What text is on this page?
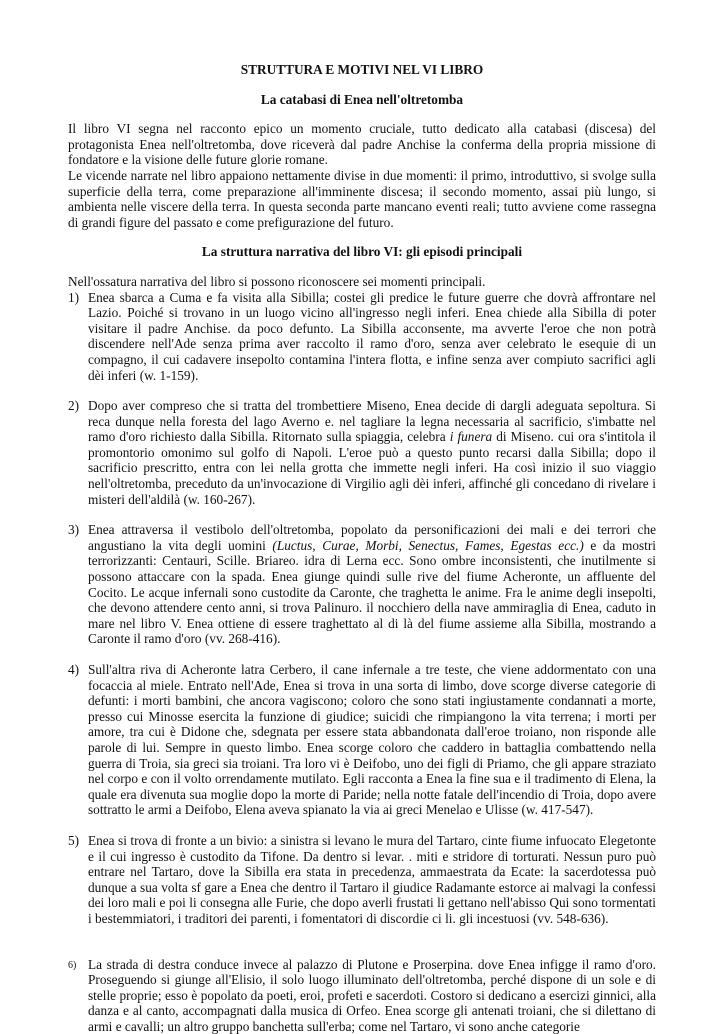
STRUTTURA E MOTIVI NEL VI LIBRO
La catabasi di Enea nell'oltretomba

Il libro VI segna nel racconto epico un momento cruciale, tutto dedicato alla catabasi (discesa) del protagonista Enea nell'oltretomba, dove riceverà dal padre Anchise la conferma della propria missione di fondatore e la visione delle future glorie romane.

Le vicende narrate nel libro appaiono nettamente divise in due momenti: il primo, introduttivo, si svolge sulla superficie della terra, come preparazione all'imminente discesa; il secondo momento, assai più lungo, si ambienta nelle viscere della terra. In questa seconda parte mancano eventi reali; tutto avviene come rassegna di grandi figure del passato e come prefigurazione del futuro.

La struttura narrativa del libro VI: gli episodi principali

Nell'ossatura narrativa del libro si possono riconoscere sei momenti principali.

1) Enea sbarca a Cuma e fa visita alla Sibilla; costei gli predice le future guerre che dovrà affrontare nel Lazio. Poiché si trovano in un luogo vicino all'ingresso negli inferi. Enea chiede alla Sibilla di poter visitare il padre Anchise. da poco defunto. La Sibilla acconsente, ma avverte l'eroe che non potrà discendere nell'Ade senza prima aver raccolto il ramo d'oro, senza aver celebrato le esequie di un compagno, il cui cadavere insepolto contamina l'intera flotta, e infine senza aver compiuto sacrifici agli dèi inferi (w. 1-159).
2) Dopo aver compreso che si tratta del trombettiere Miseno, Enea decide di dargli adeguata sepoltura. Si reca dunque nella foresta del lago Averno e. nel tagliare la legna necessaria al sacrificio, s'imbatte nel ramo d'oro richiesto dalla Sibilla. Ritornato sulla spiaggia, celebra i funera di Miseno. cui ora s'intitola il promontorio omonimo sul golfo di Napoli. L'eroe può a questo punto recarsi dalla Sibilla; dopo il sacrificio prescritto, entra con lei nella grotta che immette negli inferi. Ha così inizio il suo viaggio nell'oltretomba, preceduto da un'invocazione di Virgilio agli dèi inferi, affinché gli concedano di rivelare i misteri dell'aldilà (w. 160-267).
3) Enea attraversa il vestibolo dell'oltretomba, popolato da personificazioni dei mali e dei terrori che angustiano la vita degli uomini (Luctus, Curae, Morbi, Senectus, Fames, Egestas ecc.) e da mostri terrorizzanti: Centauri, Scille. Briareo. idra di Lerna ecc. Sono ombre inconsistenti, che inutilmente si possono attaccare con la spada. Enea giunge quindi sulle rive del fiume Acheronte, un affluente del Cocito. Le acque infernali sono custodite da Caronte, che traghetta le anime. Fra le anime degli insepolti, che devono attendere cento anni, si trova Palinuro. il nocchiero della nave ammiraglia di Enea, caduto in mare nel libro V. Enea ottiene di essere traghettato al di là del fiume assieme alla Sibilla, mostrando a Caronte il ramo d'oro (vv. 268-416).
4) Sull'altra riva di Acheronte latra Cerbero, il cane infernale a tre teste, che viene addormentato con una focaccia al miele. Entrato nell'Ade, Enea si trova in una sorta di limbo, dove scorge diverse categorie di defunti: i morti bambini, che ancora vagiscono; coloro che sono stati ingiustamente condannati a morte, presso cui Minosse esercita la funzione di giudice; suicidi che rimpiangono la vita terrena; i morti per amore, tra cui è Didone che, sdegnata per essere stata abbandonata dall'eroe troiano, non risponde alle parole di lui. Sempre in questo limbo. Enea scorge coloro che caddero in battaglia combattendo nella guerra di Troia, sia greci sia troiani. Tra loro vi è Deifobo, uno dei figli di Priamo, che gli appare straziato nel corpo e con il volto orrendamente mutilato. Egli racconta a Enea la fine sua e il tradimento di Elena, la quale era divenuta sua moglie dopo la morte di Paride; nella notte fatale dell'incendio di Troia, dopo avere sottratto le armi a Deifobo, Elena aveva spianato la via ai greci Menelao e Ulisse (w. 417-547).
5) Enea si trova di fronte a un bivio: a sinistra si levano le mura del Tartaro, cinte fiume infuocato Elegetonte e il cui ingresso è custodito da Tifone. Da dentro si levar. . miti e stridore di torturati. Nessun puro può entrare nel Tartaro, dove la Sibilla era stata in precedenza, ammaestrata da Ecate: la sacerdotessa può dunque a sua volta sf gare a Enea che dentro il Tartaro il giudice Radamante estorce ai malvagi la confessi dei loro mali e poi li consegna alle Furie, che dopo averli frustati li gettano nell'abisso Qui sono tormentati i bestemmiatori, i traditori dei parenti, i fomentatori di discordie ci li. gli incestuosi (vv. 548-636).
6) La strada di destra conduce invece al palazzo di Plutone e Proserpina. dove Enea infigge il ramo d'oro. Proseguendo si giunge all'Elisio, il solo luogo illuminato dell'oltretomba, perché dispone di un sole e di stelle proprie; esso è popolato da poeti, eroi, profeti e sacerdoti. Costoro si dedicano a esercizi ginnici, alla danza e al canto, accompagnati dalla musica di Orfeo. Enea scorge gli antenati troiani, che si dilettano di armi e cavalli; un altro gruppo banchetta sull'erba; come nel Tartaro, vi sono anche categorie
